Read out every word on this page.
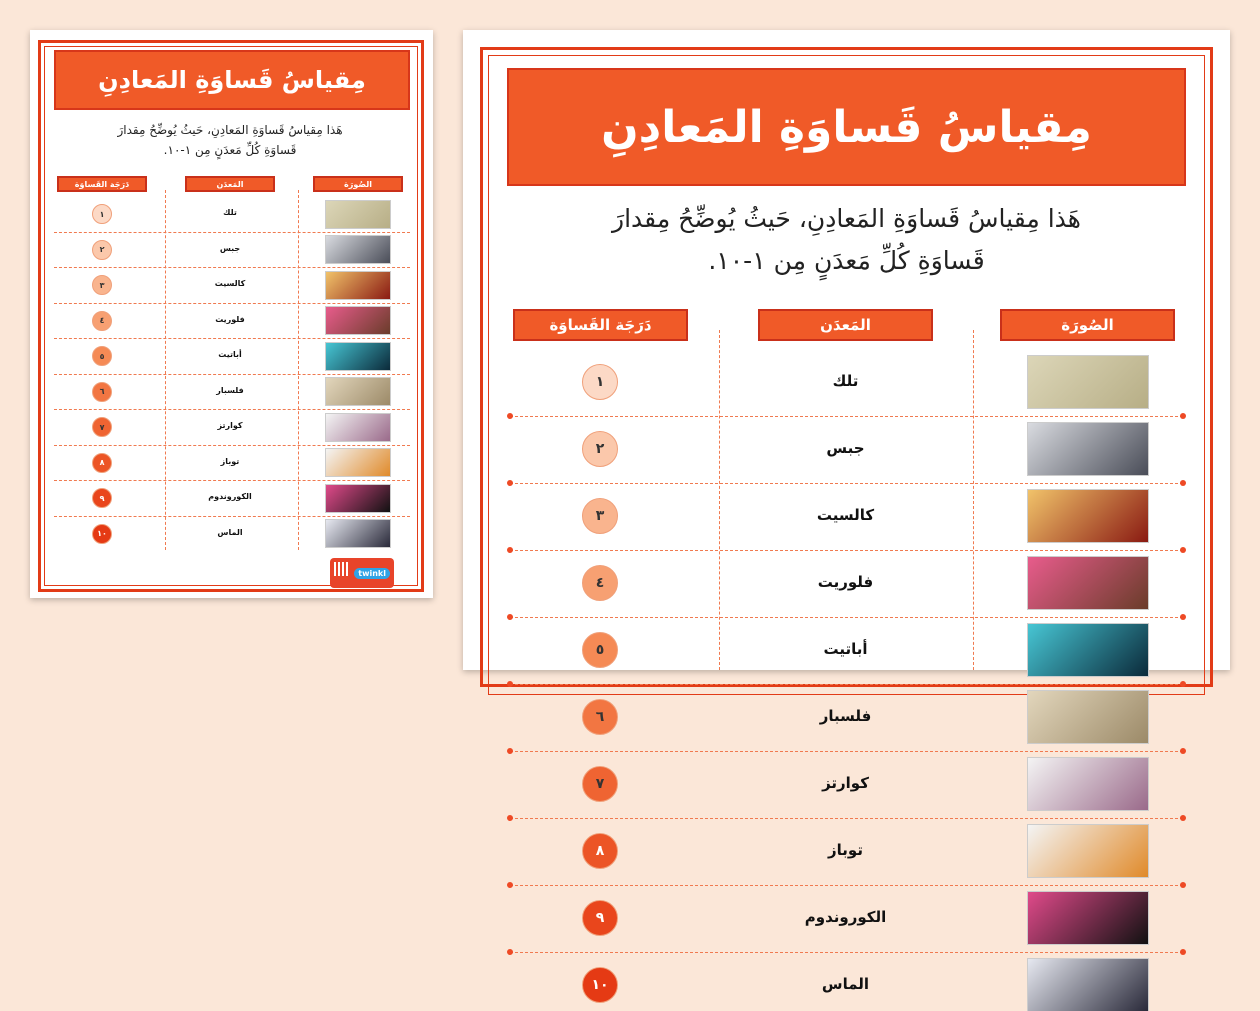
مِقياسُ قَساوَةِ المَعادِنِ
هَذا مِقياسُ قَساوَةِ المَعادِنِ، حَيثُ يُوضِّحُ مِقدارَ
قَساوَةِ كُلِّ مَعدَنٍ مِن ١-١٠.
الصُورَة
المَعدَن
دَرَجَة القَساوَة
تلك
١
جبس
٢
كالسيت
٣
فلوريت
٤
أباتيت
٥
فلسبار
٦
كوارتز
٧
توباز
٨
الكوروندوم
٩
الماس
١٠
twinkl
مِقياسُ قَساوَةِ المَعادِنِ
هَذا مِقياسُ قَساوَةِ المَعادِنِ، حَيثُ يُوضِّحُ مِقدارَ
قَساوَةِ كُلِّ مَعدَنٍ مِن ١-١٠.
الصُورَة
المَعدَن
دَرَجَة القَساوَة
تلك
١
جبس
٢
كالسيت
٣
فلوريت
٤
أباتيت
٥
فلسبار
٦
كوارتز
٧
توباز
٨
الكوروندوم
٩
الماس
١٠
